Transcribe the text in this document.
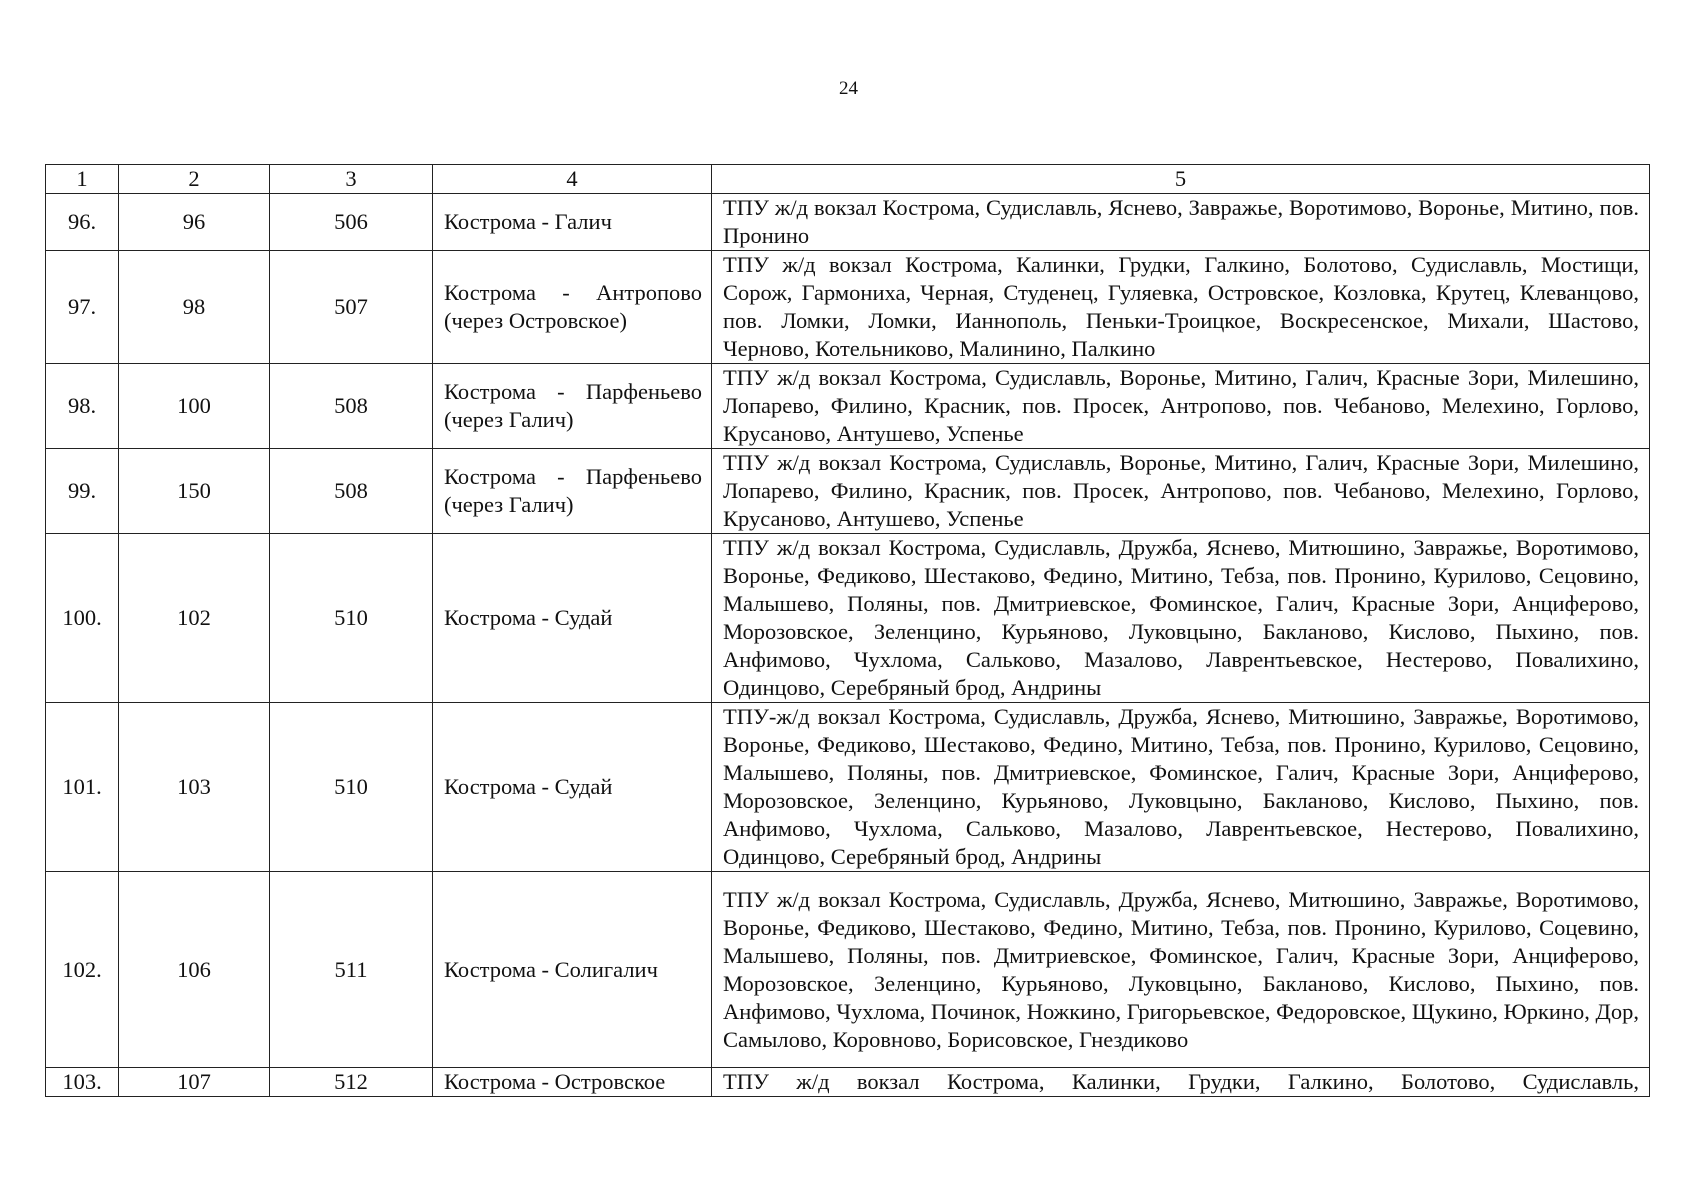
24
1	2	3	4	5
96.	96	506	Кострома - Галич	ТПУ ж/д вокзал Кострома, Судиславль, Яснево, Завражье, Воротимово, Воронье, Митино, пов. Пронино
97.	98	507	Кострома - Антропово (через Островское)	ТПУ ж/д вокзал Кострома, Калинки, Грудки, Галкино, Болотово, Судиславль, Мостищи, Сорож, Гармониха, Черная, Студенец, Гуляевка, Островское, Козловка, Крутец, Клеванцово, пов. Ломки, Ломки, Ианнополь, Пеньки-Троицкое, Воскресенское, Михали, Шастово, Черново, Котельниково, Малинино, Палкино
98.	100	508	Кострома - Парфеньево (через Галич)	ТПУ ж/д вокзал Кострома, Судиславль, Воронье, Митино, Галич, Красные Зори, Милешино, Лопарево, Филино, Красник, пов. Просек, Антропово, пов. Чебаново, Мелехино, Горлово, Крусаново, Антушево, Успенье
99.	150	508	Кострома - Парфеньево (через Галич)	ТПУ ж/д вокзал Кострома, Судиславль, Воронье, Митино, Галич, Красные Зори, Милешино, Лопарево, Филино, Красник, пов. Просек, Антропово, пов. Чебаново, Мелехино, Горлово, Крусаново, Антушево, Успенье
100.	102	510	Кострома - Судай	ТПУ ж/д вокзал Кострома, Судиславль, Дружба, Яснево, Митюшино, Завражье, Воротимово, Воронье, Федиково, Шестаково, Федино, Митино, Тебза, пов. Пронино, Курилово, Сецовино, Малышево, Поляны, пов. Дмитриевское, Фоминское, Галич, Красные Зори, Анциферово, Морозовское, Зеленцино, Курьяново, Луковцыно, Бакланово, Кислово, Пыхино, пов. Анфимово, Чухлома, Сальково, Мазалово, Лаврентьевское, Нестерово, Повалихино, Одинцово, Серебряный брод, Андрины
101.	103	510	Кострома - Судай	ТПУ-ж/д вокзал Кострома, Судиславль, Дружба, Яснево, Митюшино, Завражье, Воротимово, Воронье, Федиково, Шестаково, Федино, Митино, Тебза, пов. Пронино, Курилово, Сецовино, Малышево, Поляны, пов. Дмитриевское, Фоминское, Галич, Красные Зори, Анциферово, Морозовское, Зеленцино, Курьяново, Луковцыно, Бакланово, Кислово, Пыхино, пов. Анфимово, Чухлома, Сальково, Мазалово, Лаврентьевское, Нестерово, Повалихино, Одинцово, Серебряный брод, Андрины
102.	106	511	Кострома - Солигалич	ТПУ ж/д вокзал Кострома, Судиславль, Дружба, Яснево, Митюшино, Завражье, Воротимово, Воронье, Федиково, Шестаково, Федино, Митино, Тебза, пов. Пронино, Курилово, Соцевино, Малышево, Поляны, пов. Дмитриевское, Фоминское, Галич, Красные Зори, Анциферово, Морозовское, Зеленцино, Курьяново, Луковцыно, Бакланово, Кислово, Пыхино, пов. Анфимово, Чухлома, Починок, Ножкино, Григорьевское, Федоровское, Щукино, Юркино, Дор, Самылово, Коровново, Борисовское, Гнездиково
103.	107	512	Кострома - Островское	ТПУ ж/д вокзал Кострома, Калинки, Грудки, Галкино, Болотово, Судиславль,
